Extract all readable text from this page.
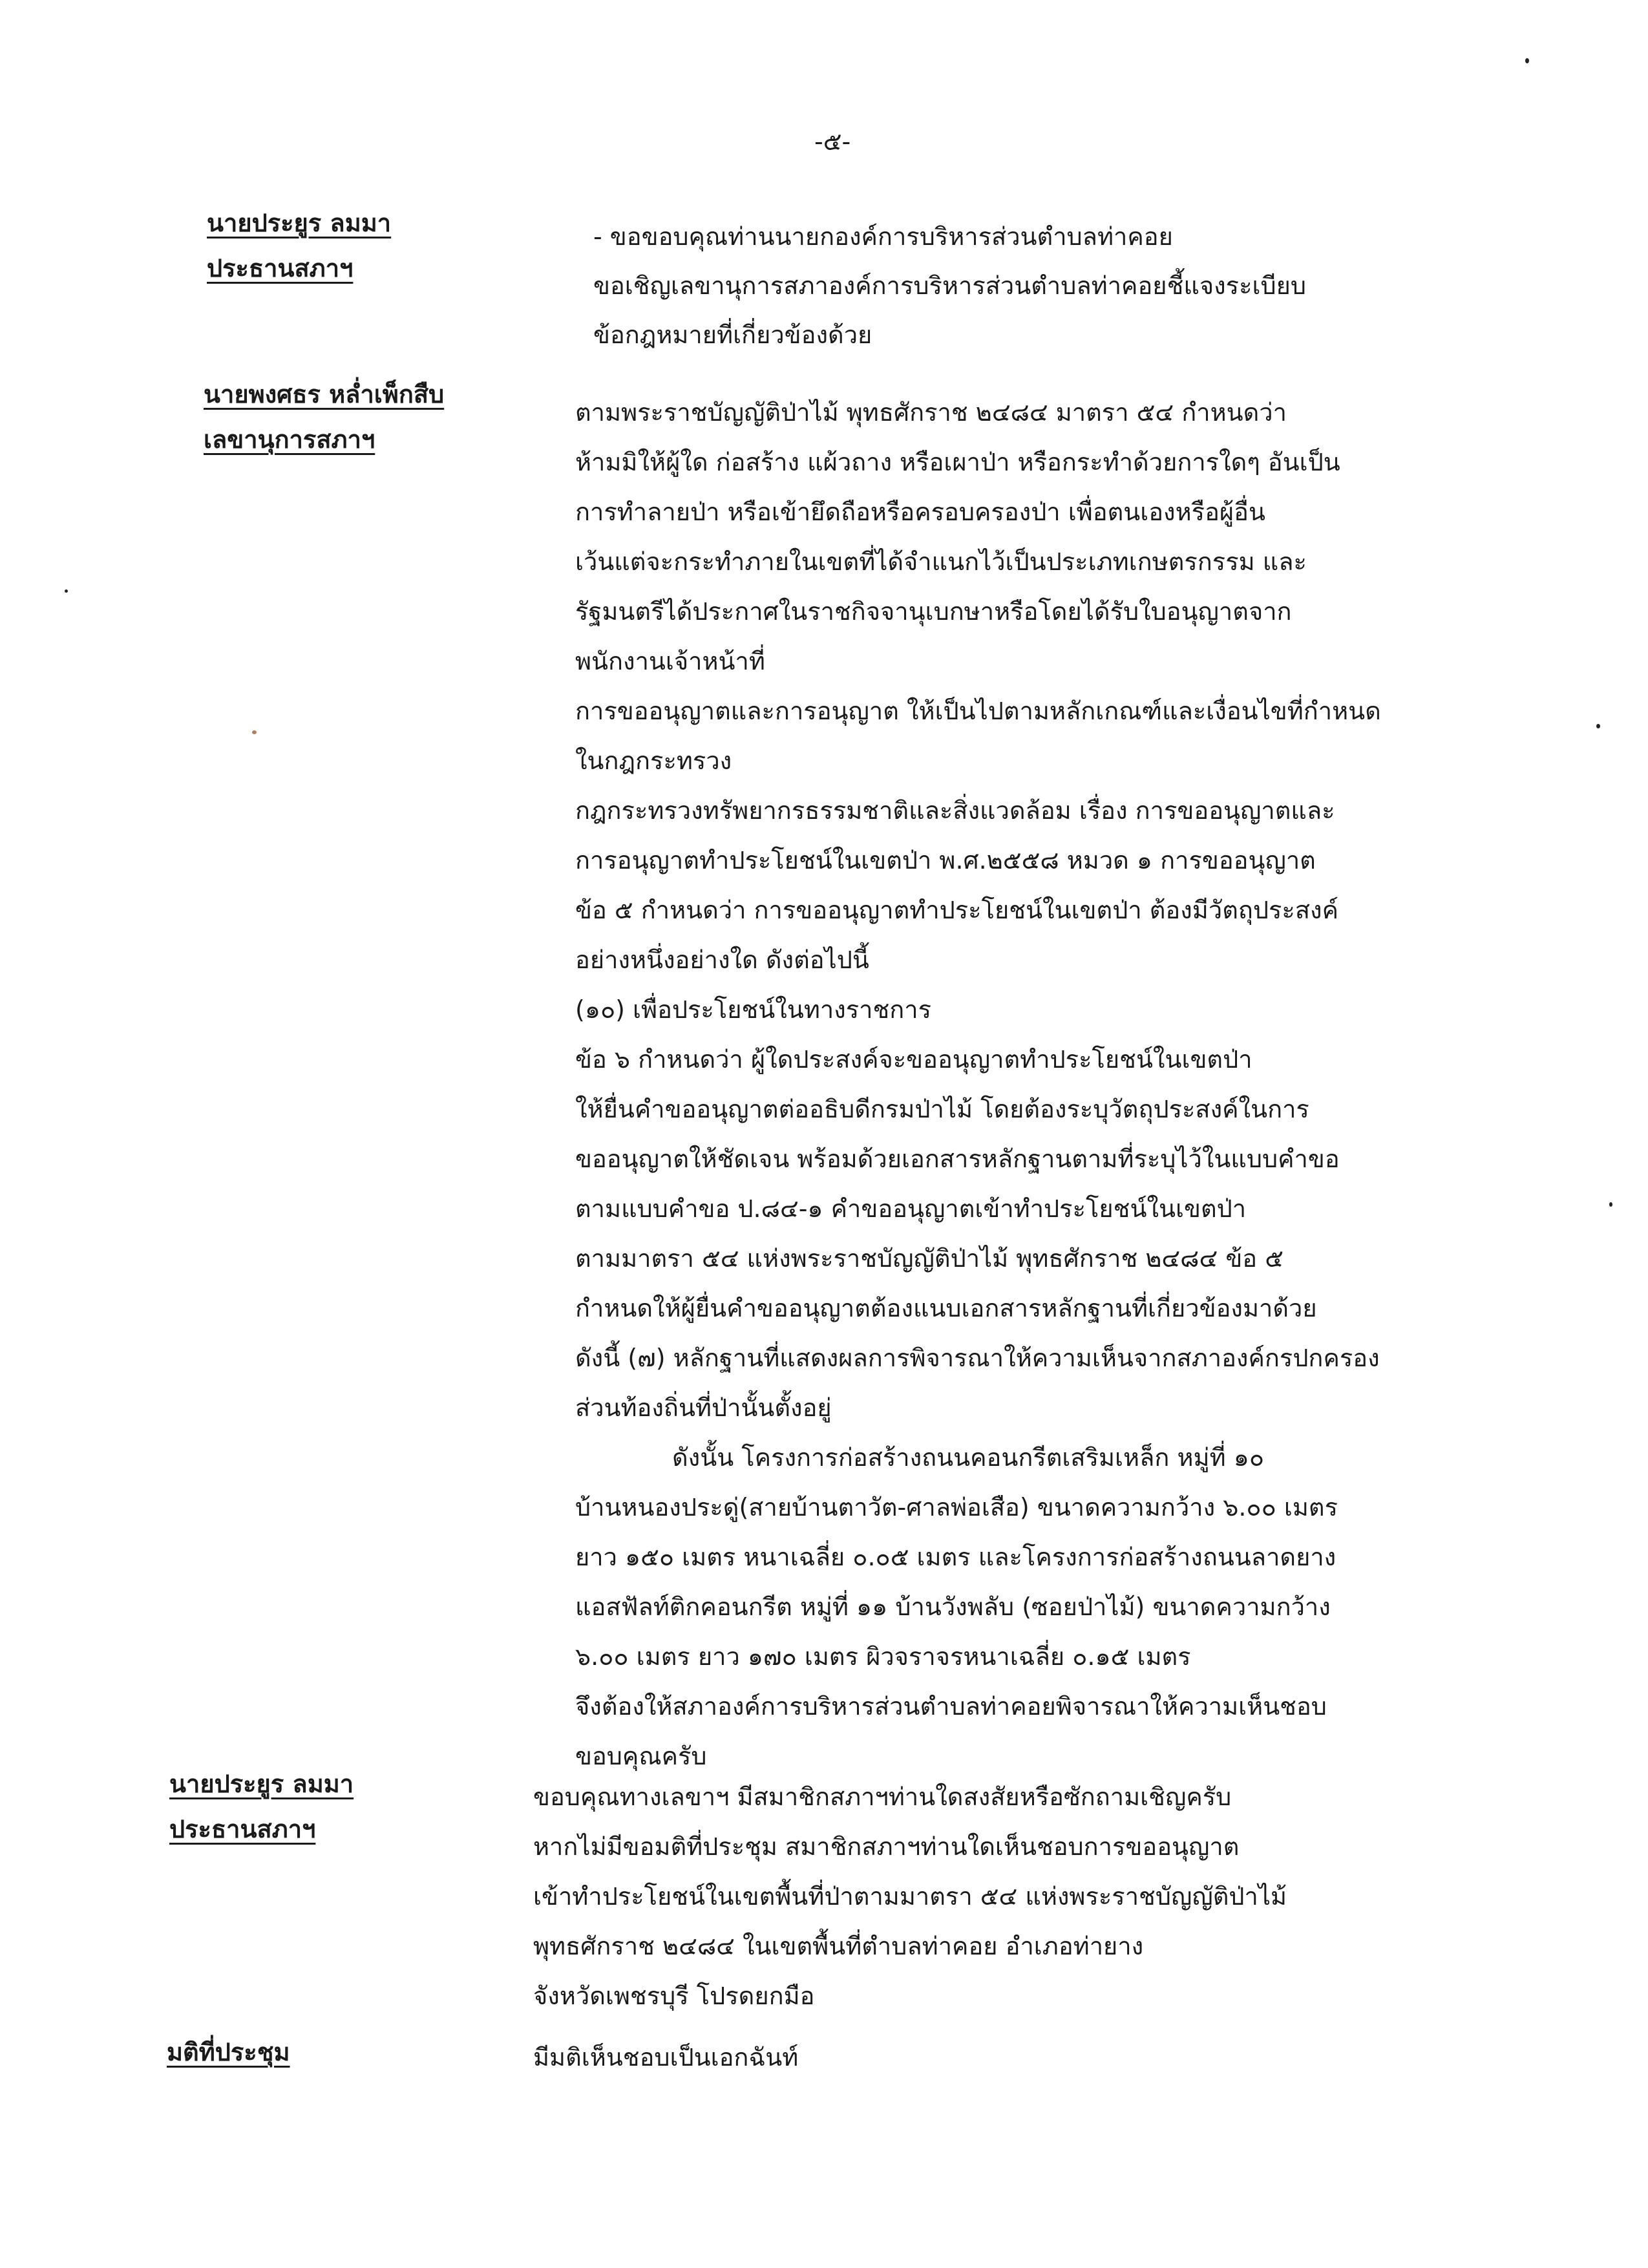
-๕-
นายประยูร ลมมา
ประธานสภาฯ
- ขอขอบคุณท่านนายกองค์การบริหารส่วนตำบลท่าคอย
ขอเชิญเลขานุการสภาองค์การบริหารส่วนตำบลท่าคอยชี้แจงระเบียบ
ข้อกฎหมายที่เกี่ยวข้องด้วย
นายพงศธร หล่ำเพ็กสืบ
เลขานุการสภาฯ
ตามพระราชบัญญัติป่าไม้ พุทธศักราช ๒๔๘๔ มาตรา ๕๔ กำหนดว่า
ห้ามมิให้ผู้ใด ก่อสร้าง แผ้วถาง หรือเผาป่า หรือกระทำด้วยการใดๆ อันเป็น
การทำลายป่า หรือเข้ายึดถือหรือครอบครองป่า เพื่อตนเองหรือผู้อื่น
เว้นแต่จะกระทำภายในเขตที่ได้จำแนกไว้เป็นประเภทเกษตรกรรม และ
รัฐมนตรีได้ประกาศในราชกิจจานุเบกษาหรือโดยได้รับใบอนุญาตจาก
พนักงานเจ้าหน้าที่
การขออนุญาตและการอนุญาต ให้เป็นไปตามหลักเกณฑ์และเงื่อนไขที่กำหนด
ในกฎกระทรวง
กฎกระทรวงทรัพยากรธรรมชาติและสิ่งแวดล้อม เรื่อง การขออนุญาตและ
การอนุญาตทำประโยชน์ในเขตป่า พ.ศ.๒๕๕๘ หมวด ๑ การขออนุญาต
ข้อ ๕ กำหนดว่า การขออนุญาตทำประโยชน์ในเขตป่า ต้องมีวัตถุประสงค์
อย่างหนึ่งอย่างใด ดังต่อไปนี้
(๑๐) เพื่อประโยชน์ในทางราชการ
ข้อ ๖ กำหนดว่า ผู้ใดประสงค์จะขออนุญาตทำประโยชน์ในเขตป่า
ให้ยื่นคำขออนุญาตต่ออธิบดีกรมป่าไม้ โดยต้องระบุวัตถุประสงค์ในการ
ขออนุญาตให้ชัดเจน พร้อมด้วยเอกสารหลักฐานตามที่ระบุไว้ในแบบคำขอ
ตามแบบคำขอ ป.๘๔-๑ คำขออนุญาตเข้าทำประโยชน์ในเขตป่า
ตามมาตรา ๕๔ แห่งพระราชบัญญัติป่าไม้ พุทธศักราช ๒๔๘๔ ข้อ ๕
กำหนดให้ผู้ยื่นคำขออนุญาตต้องแนบเอกสารหลักฐานที่เกี่ยวข้องมาด้วย
ดังนี้ (๗) หลักฐานที่แสดงผลการพิจารณาให้ความเห็นจากสภาองค์กรปกครอง
ส่วนท้องถิ่นที่ป่านั้นตั้งอยู่
ดังนั้น โครงการก่อสร้างถนนคอนกรีตเสริมเหล็ก หมู่ที่ ๑๐
บ้านหนองประดู่(สายบ้านตาวัต-ศาลพ่อเสือ) ขนาดความกว้าง ๖.๐๐ เมตร
ยาว ๑๕๐ เมตร หนาเฉลี่ย ๐.๐๕ เมตร และโครงการก่อสร้างถนนลาดยาง
แอสฟัลท์ติกคอนกรีต หมู่ที่ ๑๑ บ้านวังพลับ (ซอยป่าไม้) ขนาดความกว้าง
๖.๐๐ เมตร ยาว ๑๗๐ เมตร ผิวจราจรหนาเฉลี่ย ๐.๑๕ เมตร
จึงต้องให้สภาองค์การบริหารส่วนตำบลท่าคอยพิจารณาให้ความเห็นชอบ
ขอบคุณครับ
นายประยูร ลมมา
ประธานสภาฯ
ขอบคุณทางเลขาฯ มีสมาชิกสภาฯท่านใดสงสัยหรือซักถามเชิญครับ
หากไม่มีขอมติที่ประชุม สมาชิกสภาฯท่านใดเห็นชอบการขออนุญาต
เข้าทำประโยชน์ในเขตพื้นที่ป่าตามมาตรา ๕๔ แห่งพระราชบัญญัติป่าไม้
พุทธศักราช ๒๔๘๔ ในเขตพื้นที่ตำบลท่าคอย อำเภอท่ายาง
จังหวัดเพชรบุรี โปรดยกมือ
มติที่ประชุม	มีมติเห็นชอบเป็นเอกฉันท์
